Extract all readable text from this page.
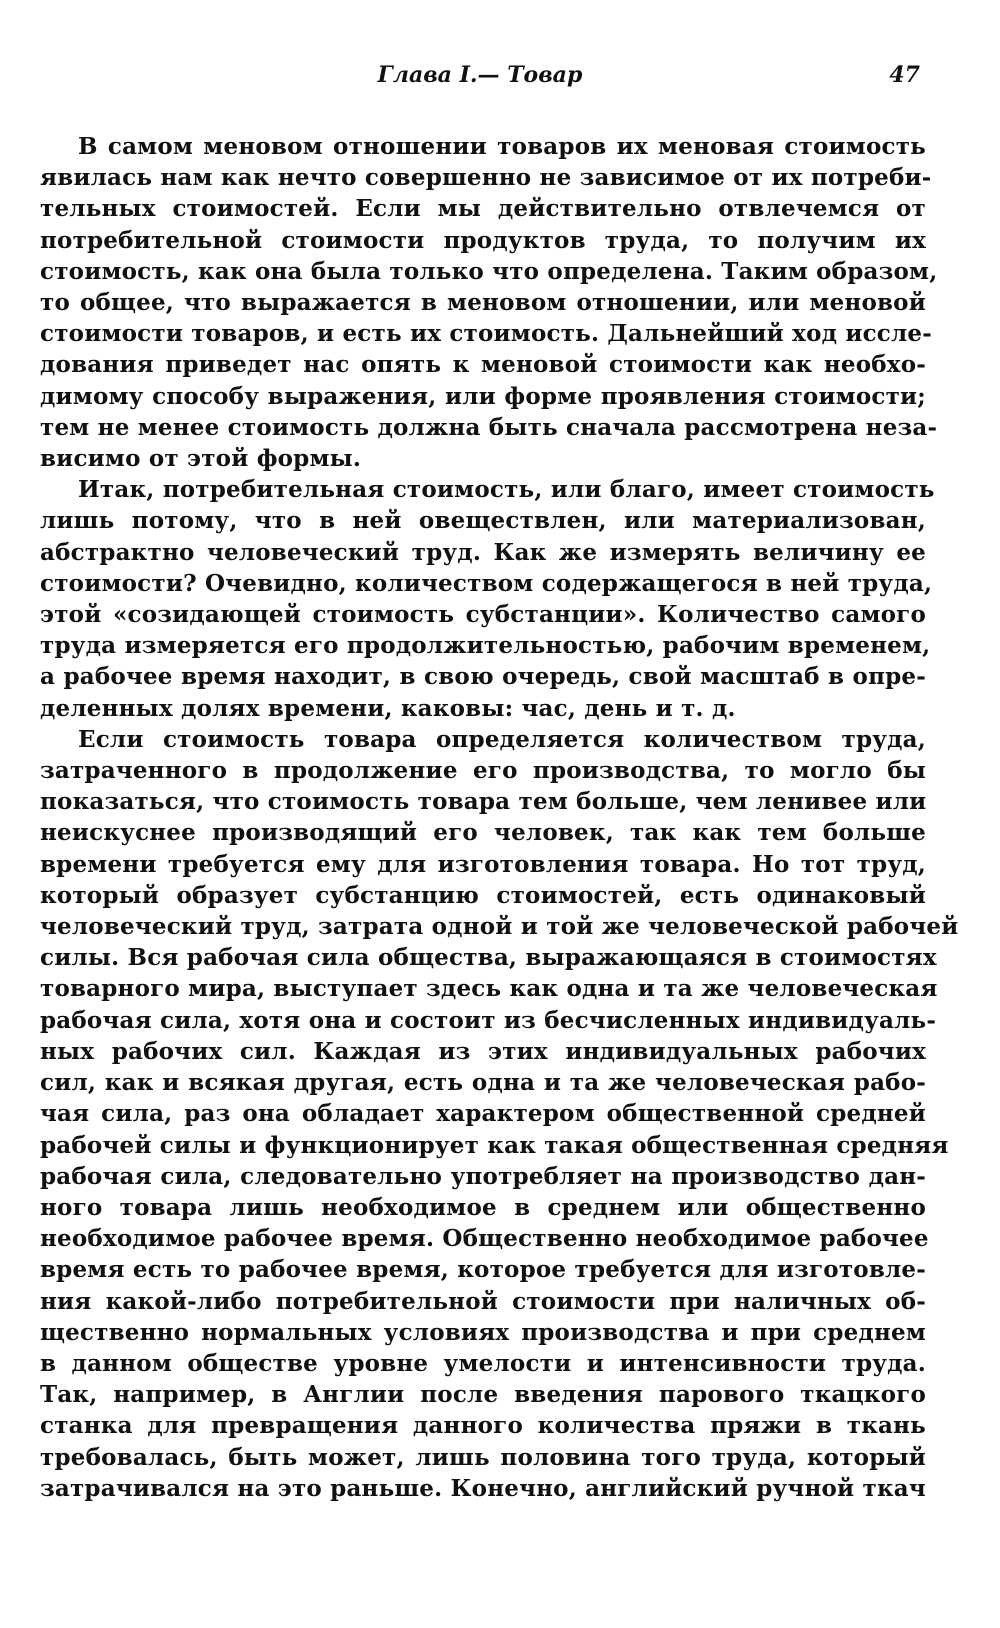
Глава I.— Товар	47

В самом меновом отношении товаров их меновая стоимость
явилась нам как нечто совершенно не зависимое от их потреби-
тельных стоимостей. Если мы действительно отвлечемся от
потребительной стоимости продуктов труда, то получим их
стоимость, как она была только что определена. Таким образом,
то общее, что выражается в меновом отношении, или меновой
стоимости товаров, и есть их стоимость. Дальнейший ход иссле-
дования приведет нас опять к меновой стоимости как необхо-
димому способу выражения, или форме проявления стоимости;
тем не менее стоимость должна быть сначала рассмотрена неза-
висимо от этой формы.

Итак, потребительная стоимость, или благо, имеет стоимость
лишь потому, что в ней овеществлен, или материализован,
абстрактно человеческий труд. Как же измерять величину ее
стоимости? Очевидно, количеством содержащегося в ней труда,
этой «созидающей стоимость субстанции». Количество самого
труда измеряется его продолжительностью, рабочим временем,
а рабочее время находит, в свою очередь, свой масштаб в опре-
деленных долях времени, каковы: час, день и т. д.

Если стоимость товара определяется количеством труда,
затраченного в продолжение его производства, то могло бы
показаться, что стоимость товара тем больше, чем ленивее или
неискуснее производящий его человек, так как тем больше
времени требуется ему для изготовления товара. Но тот труд,
который образует субстанцию стоимостей, есть одинаковый
человеческий труд, затрата одной и той же человеческой рабочей
силы. Вся рабочая сила общества, выражающаяся в стоимостях
товарного мира, выступает здесь как одна и та же человеческая
рабочая сила, хотя она и состоит из бесчисленных индивидуаль-
ных рабочих сил. Каждая из этих индивидуальных рабочих
сил, как и всякая другая, есть одна и та же человеческая рабо-
чая сила, раз она обладает характером общественной средней
рабочей силы и функционирует как такая общественная средняя
рабочая сила, следовательно употребляет на производство дан-
ного товара лишь необходимое в среднем или общественно
необходимое рабочее время. Общественно необходимое рабочее
время есть то рабочее время, которое требуется для изготовле-
ния какой-либо потребительной стоимости при наличных об-
щественно нормальных условиях производства и при среднем
в данном обществе уровне умелости и интенсивности труда.
Так, например, в Англии после введения парового ткацкого
станка для превращения данного количества пряжи в ткань
требовалась, быть может, лишь половина того труда, который
затрачивался на это раньше. Конечно, английский ручной ткач
